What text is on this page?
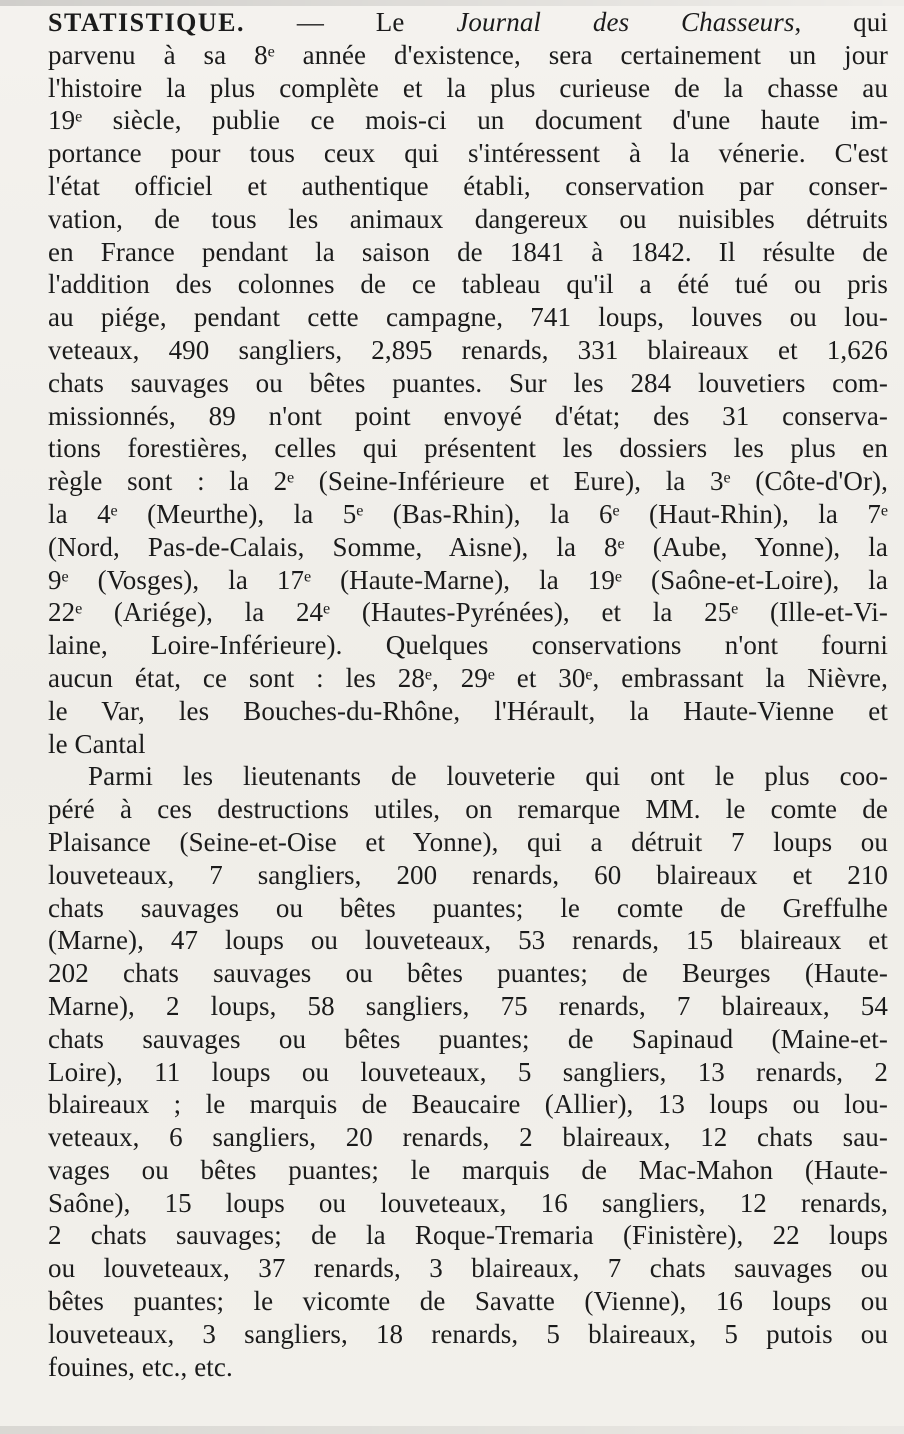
STATISTIQUE. — Le Journal des Chasseurs, qui
parvenu à sa 8ᵉ année d'existence, sera certainement un jour
l'histoire la plus complète et la plus curieuse de la chasse au
19ᵉ siècle, publie ce mois-ci un document d'une haute im-
portance pour tous ceux qui s'intéressent à la vénerie. C'est
l'état officiel et authentique établi, conservation par conser-
vation, de tous les animaux dangereux ou nuisibles détruits
en France pendant la saison de 1841 à 1842. Il résulte de
l'addition des colonnes de ce tableau qu'il a été tué ou pris
au piége, pendant cette campagne, 741 loups, louves ou lou-
veteaux, 490 sangliers, 2,895 renards, 331 blaireaux et 1,626
chats sauvages ou bêtes puantes. Sur les 284 louvetiers com-
missionnés, 89 n'ont point envoyé d'état; des 31 conserva-
tions forestières, celles qui présentent les dossiers les plus en
règle sont : la 2ᵉ (Seine-Inférieure et Eure), la 3ᵉ (Côte-d'Or),
la 4ᵉ (Meurthe), la 5ᵉ (Bas-Rhin), la 6ᵉ (Haut-Rhin), la 7ᵉ
(Nord, Pas-de-Calais, Somme, Aisne), la 8ᵉ (Aube, Yonne), la
9ᵉ (Vosges), la 17ᵉ (Haute-Marne), la 19ᵉ (Saône-et-Loire), la
22ᵉ (Ariége), la 24ᵉ (Hautes-Pyrénées), et la 25ᵉ (Ille-et-Vi-
laine, Loire-Inférieure). Quelques conservations n'ont fourni
aucun état, ce sont : les 28ᵉ, 29ᵉ et 30ᵉ, embrassant la Nièvre,
le Var, les Bouches-du-Rhône, l'Hérault, la Haute-Vienne et
le Cantal
Parmi les lieutenants de louveterie qui ont le plus coo-
péré à ces destructions utiles, on remarque MM. le comte de
Plaisance (Seine-et-Oise et Yonne), qui a détruit 7 loups ou
louveteaux, 7 sangliers, 200 renards, 60 blaireaux et 210
chats sauvages ou bêtes puantes; le comte de Greffulhe
(Marne), 47 loups ou louveteaux, 53 renards, 15 blaireaux et
202 chats sauvages ou bêtes puantes; de Beurges (Haute-
Marne), 2 loups, 58 sangliers, 75 renards, 7 blaireaux, 54
chats sauvages ou bêtes puantes; de Sapinaud (Maine-et-
Loire), 11 loups ou louveteaux, 5 sangliers, 13 renards, 2
blaireaux ; le marquis de Beaucaire (Allier), 13 loups ou lou-
veteaux, 6 sangliers, 20 renards, 2 blaireaux, 12 chats sau-
vages ou bêtes puantes; le marquis de Mac-Mahon (Haute-
Saône), 15 loups ou louveteaux, 16 sangliers, 12 renards,
2 chats sauvages; de la Roque-Tremaria (Finistère), 22 loups
ou louveteaux, 37 renards, 3 blaireaux, 7 chats sauvages ou
bêtes puantes; le vicomte de Savatte (Vienne), 16 loups ou
louveteaux, 3 sangliers, 18 renards, 5 blaireaux, 5 putois ou
fouines, etc., etc.
